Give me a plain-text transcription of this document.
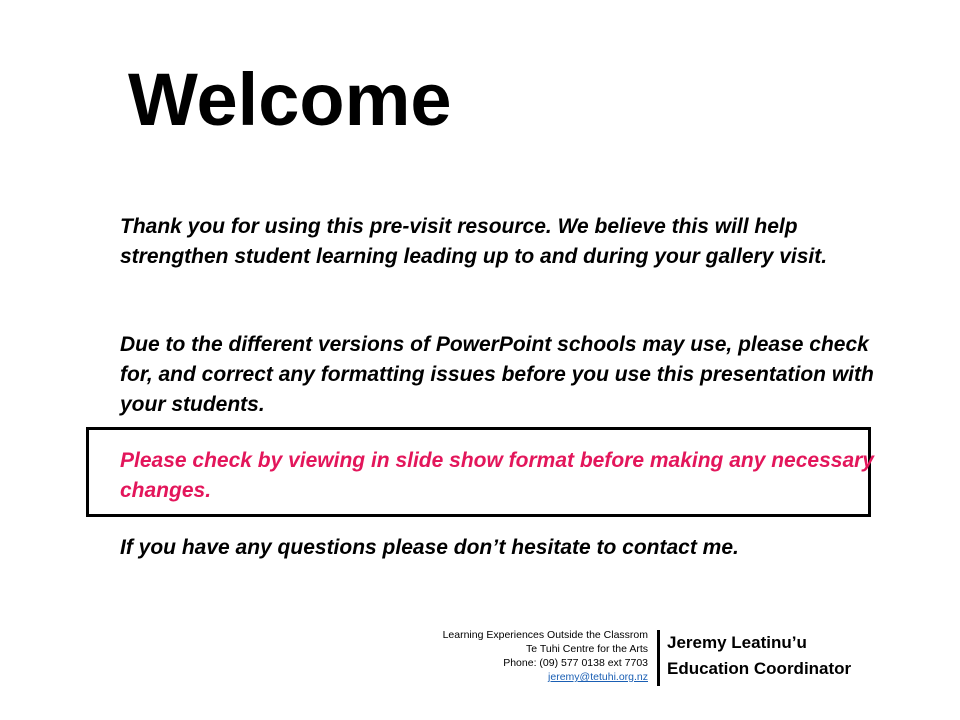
Welcome

Thank you for using this pre-visit resource. We believe this will help strengthen student learning leading up to and during your gallery visit.

Due to the different versions of PowerPoint schools may use, please check for, and correct any formatting issues before you use this presentation with your students.

Please check by viewing in slide show format before making any necessary changes.

If you have any questions please don’t hesitate to contact me.

Learning Experiences Outside the Classrom
Te Tuhi Centre for the Arts
Phone: (09) 577 0138 ext 7703
jeremy@tetuhi.org.nz
Jeremy Leatinu’u
Education Coordinator
